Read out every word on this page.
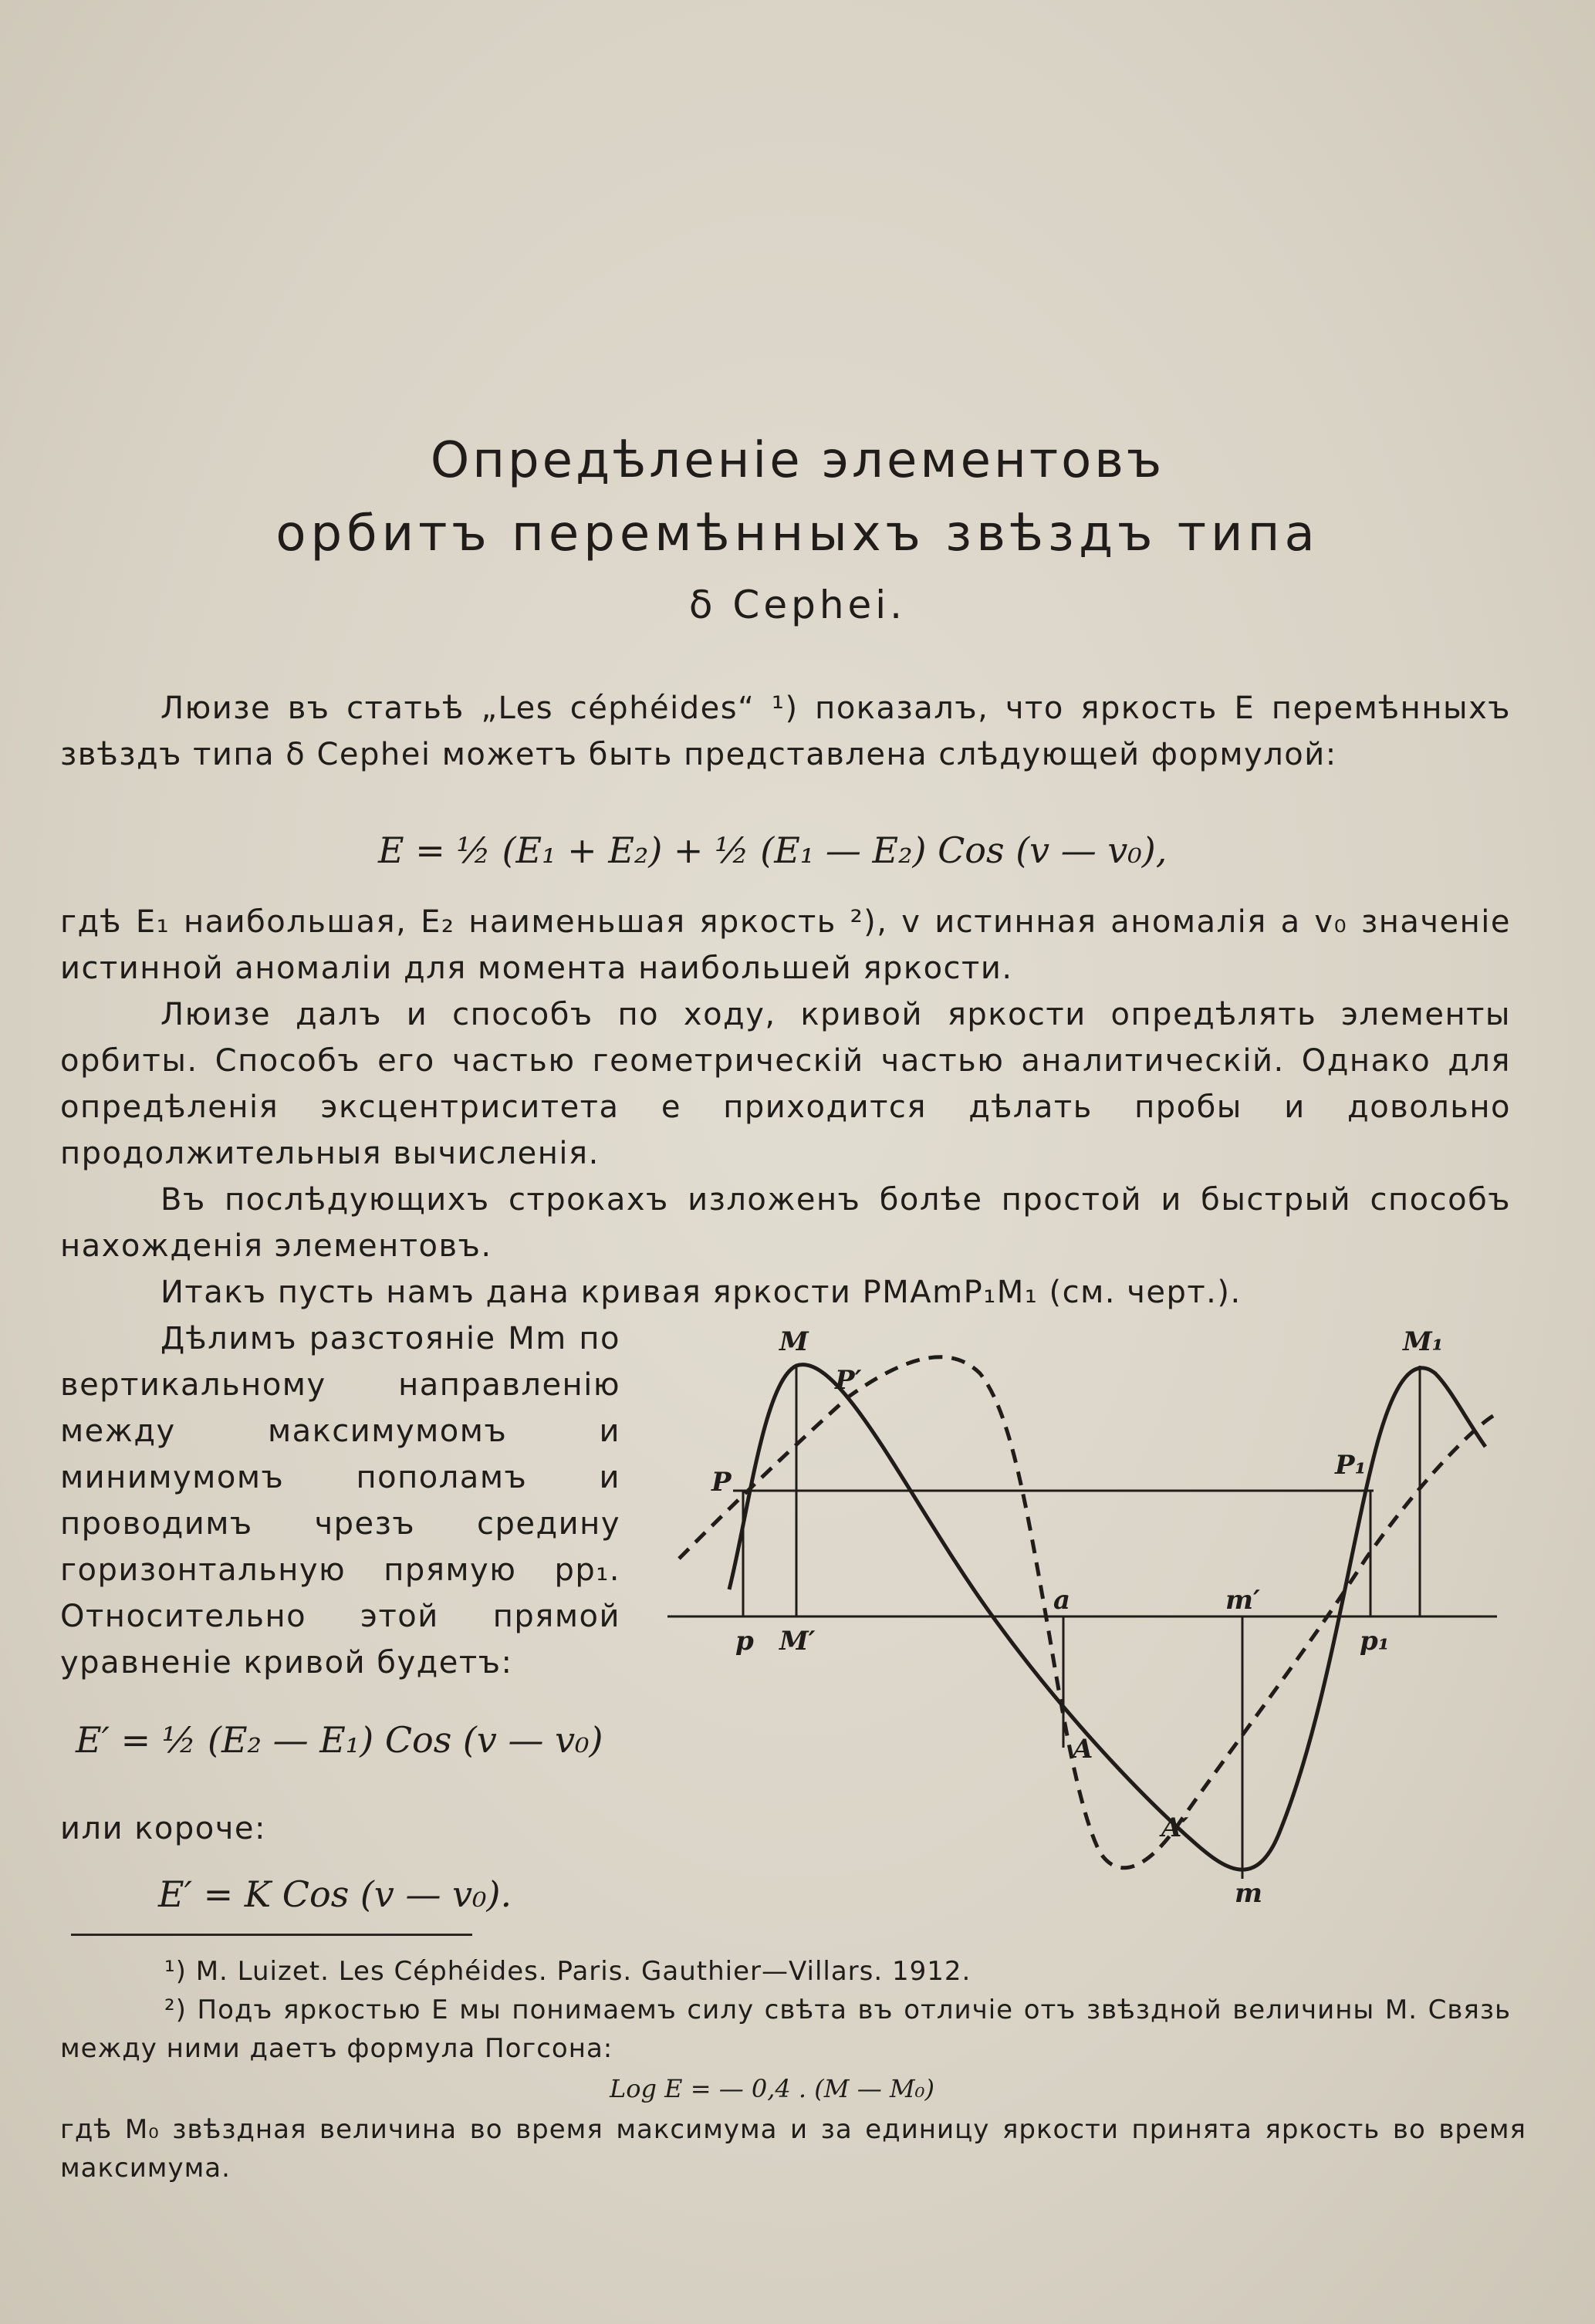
Опредѣленіе элементовъ
орбитъ перемѣнныхъ звѣздъ типа
δ Cephei.

Люизе въ статьѣ „Les céphéides“ ¹) показалъ, что яркость E перемѣнныхъ звѣздъ типа δ Cephei можетъ быть представлена слѣдующей формулой:

E = ½ (E₁ + E₂) + ½ (E₁ — E₂) Cos (v — v₀),

гдѣ E₁ наибольшая, E₂ наименьшая яркость ²), v истинная аномалія а v₀ значеніе истинной аномаліи для момента наибольшей яркости.

Люизе далъ и способъ по ходу, кривой яркости опредѣлять элементы орбиты. Способъ его частью геометрическій частью аналитическій. Однако для опредѣленія эксцентриситета e приходится дѣлать пробы и довольно продолжительныя вычисленія.

Въ послѣдующихъ строкахъ изложенъ болѣе простой и быстрый способъ нахожденія элементовъ.

Итакъ пусть намъ дана кривая яркости PMAmP₁M₁ (см. черт.).

Дѣлимъ разстояніе Mm по вертикальному направленію между максимумомъ и минимумомъ пополамъ и проводимъ чрезъ средину горизонтальную прямую pp₁. Относительно этой прямой уравненіе кривой будетъ:

E′ = ½ (E₂ — E₁) Cos (v — v₀)

или короче:

E′ = K Cos (v — v₀).

¹) M. Luizet. Les Céphéides. Paris. Gauthier—Villars. 1912.

²) Подъ яркостью E мы понимаемъ силу свѣта въ отличіе отъ звѣздной величины M. Связь между ними даетъ формула Погсона:

Log E = — 0,4 . (M — M₀)

гдѣ M₀ звѣздная величина во время максимума и за единицу яркости принята яркость во время максимума.

M
P′
P
p M′
a	m′
A
A′
m
M₁
P₁
p₁
